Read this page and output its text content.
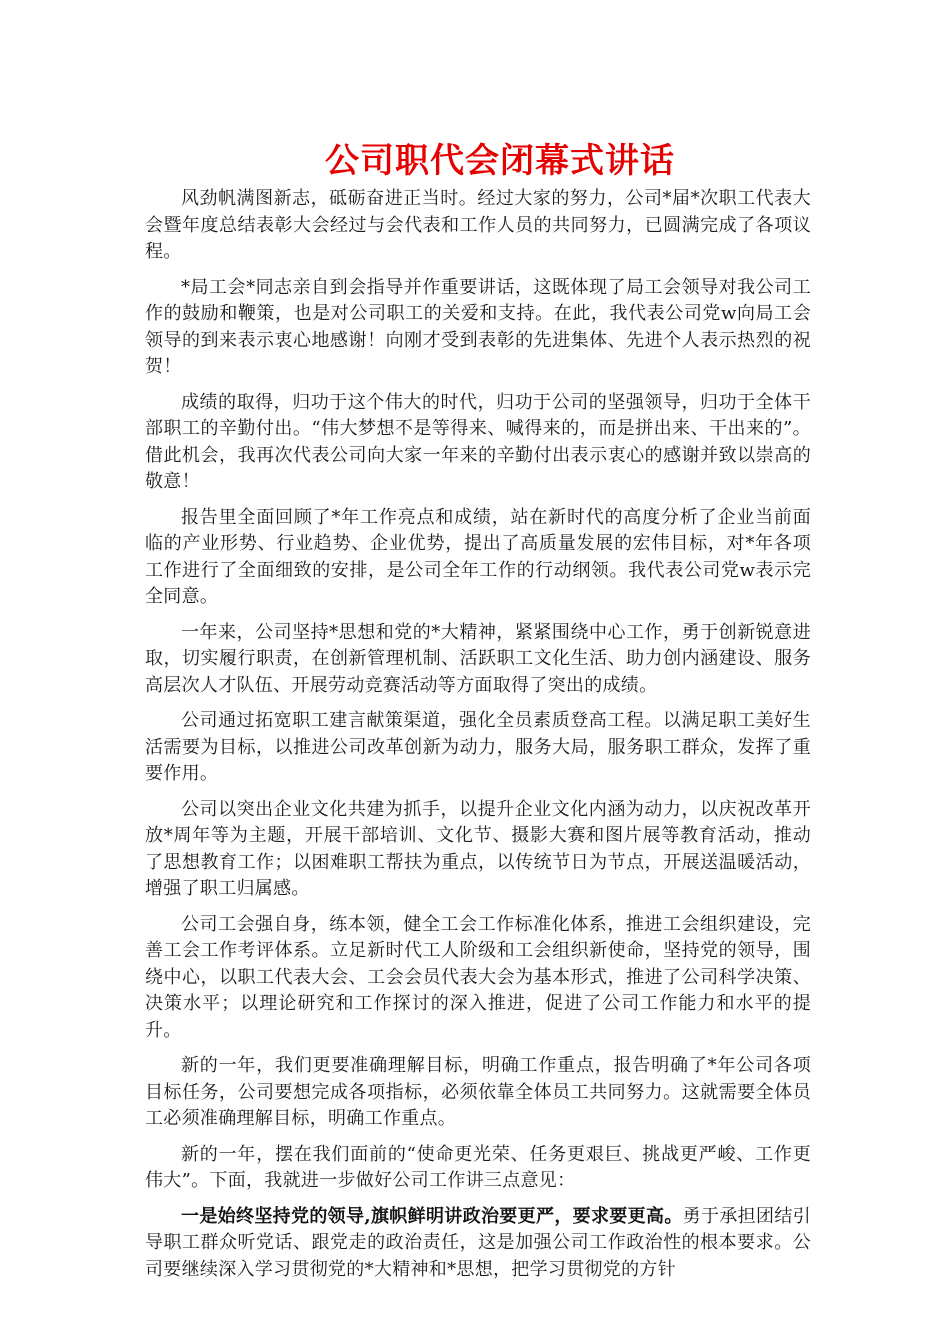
公司职代会闭幕式讲话

风劲帆满图新志，砥砺奋进正当时。经过大家的努力，公司*届*次职工代表大会暨年度总结表彰大会经过与会代表和工作人员的共同努力，已圆满完成了各项议程。

*局工会*同志亲自到会指导并作重要讲话，这既体现了局工会领导对我公司工作的鼓励和鞭策，也是对公司职工的关爱和支持。在此，我代表公司党w向局工会领导的到来表示衷心地感谢！向刚才受到表彰的先进集体、先进个人表示热烈的祝贺！

成绩的取得，归功于这个伟大的时代，归功于公司的坚强领导，归功于全体干部职工的辛勤付出。“伟大梦想不是等得来、喊得来的，而是拼出来、干出来的”。借此机会，我再次代表公司向大家一年来的辛勤付出表示衷心的感谢并致以崇高的敬意！

报告里全面回顾了*年工作亮点和成绩，站在新时代的高度分析了企业当前面临的产业形势、行业趋势、企业优势，提出了高质量发展的宏伟目标，对*年各项工作进行了全面细致的安排，是公司全年工作的行动纲领。我代表公司党w表示完全同意。

一年来，公司坚持*思想和党的*大精神，紧紧围绕中心工作，勇于创新锐意进取，切实履行职责，在创新管理机制、活跃职工文化生活、助力创内涵建设、服务高层次人才队伍、开展劳动竞赛活动等方面取得了突出的成绩。

公司通过拓宽职工建言献策渠道，强化全员素质登高工程。以满足职工美好生活需要为目标，以推进公司改革创新为动力，服务大局，服务职工群众，发挥了重要作用。

公司以突出企业文化共建为抓手，以提升企业文化内涵为动力，以庆祝改革开放*周年等为主题，开展干部培训、文化节、摄影大赛和图片展等教育活动，推动了思想教育工作；以困难职工帮扶为重点，以传统节日为节点，开展送温暖活动，增强了职工归属感。

公司工会强自身，练本领，健全工会工作标准化体系，推进工会组织建设，完善工会工作考评体系。立足新时代工人阶级和工会组织新使命，坚持党的领导，围绕中心，以职工代表大会、工会会员代表大会为基本形式，推进了公司科学决策、决策水平；以理论研究和工作探讨的深入推进，促进了公司工作能力和水平的提升。

新的一年，我们更要准确理解目标，明确工作重点，报告明确了*年公司各项目标任务，公司要想完成各项指标，必须依靠全体员工共同努力。这就需要全体员工必须准确理解目标，明确工作重点。

新的一年，摆在我们面前的“使命更光荣、任务更艰巨、挑战更严峻、工作更伟大”。下面，我就进一步做好公司工作讲三点意见：

一是始终坚持党的领导,旗帜鲜明讲政治要更严，要求要更高。勇于承担团结引导职工群众听党话、跟党走的政治责任，这是加强公司工作政治性的根本要求。公司要继续深入学习贯彻党的*大精神和*思想，把学习贯彻党的方针
